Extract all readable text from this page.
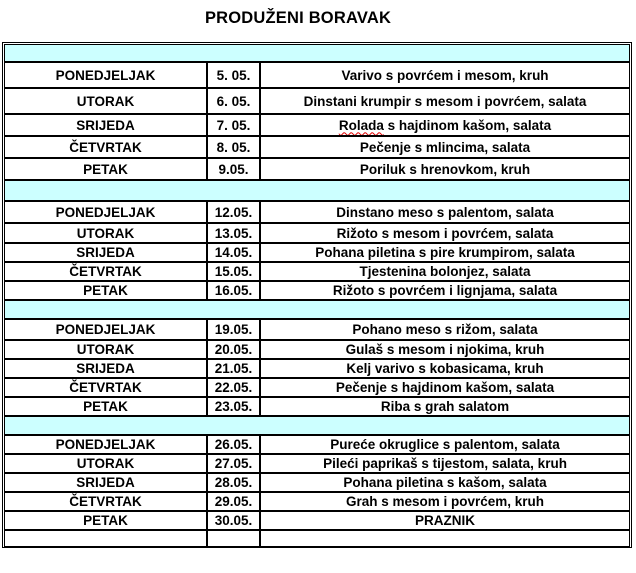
PRODUŽENI BORAVAK

PONEDJELJAK	5. 05.	Varivo s povrćem i mesom, kruh
UTORAK	6. 05.	Dinstani krumpir s mesom i povrćem, salata
SRIJEDA	7. 05.	Rolada s hajdinom kašom, salata
ČETVRTAK	8. 05.	Pečenje s mlincima, salata
PETAK	9.05.	Poriluk s hrenovkom, kruh

PONEDJELJAK	12.05.	Dinstano meso s palentom, salata
UTORAK	13.05.	Rižoto s mesom i povrćem, salata
SRIJEDA	14.05.	Pohana piletina s pire krumpirom, salata
ČETVRTAK	15.05.	Tjestenina bolonjez, salata
PETAK	16.05.	Rižoto s povrćem i lignjama, salata

PONEDJELJAK	19.05.	Pohano meso s rižom, salata
UTORAK	20.05.	Gulaš s mesom i njokima, kruh
SRIJEDA	21.05.	Kelj varivo s kobasicama, kruh
ČETVRTAK	22.05.	Pečenje s hajdinom kašom, salata
PETAK	23.05.	Riba s grah salatom

PONEDJELJAK	26.05.	Pureće okruglice s palentom, salata
UTORAK	27.05.	Pileći paprikaš s tijestom, salata, kruh
SRIJEDA	28.05.	Pohana piletina s kašom, salata
ČETVRTAK	29.05.	Grah s mesom i povrćem, kruh
PETAK	30.05.	PRAZNIK
